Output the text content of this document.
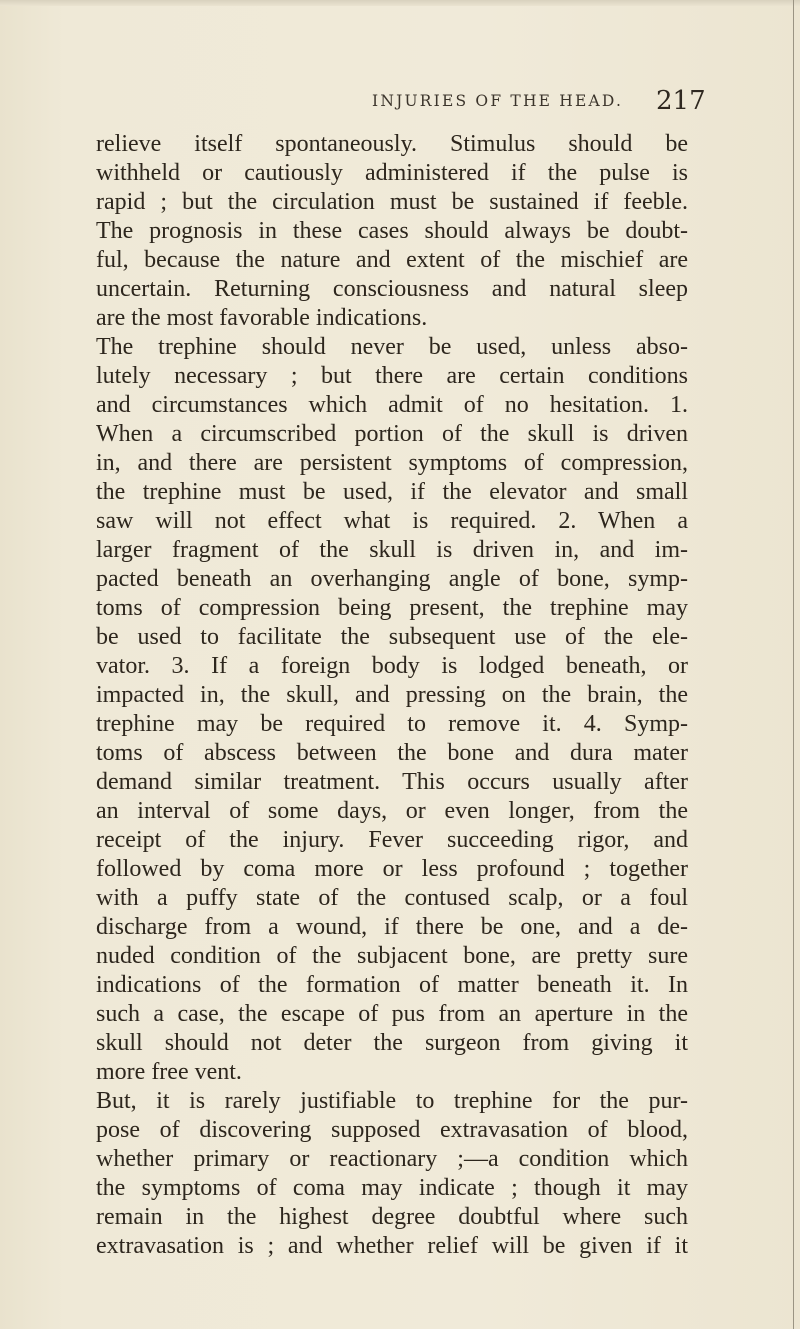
INJURIES OF THE HEAD. 217
relieve itself spontaneously. Stimulus should be
withheld or cautiously administered if the pulse is
rapid ; but the circulation must be sustained if feeble.
The prognosis in these cases should always be doubt-
ful, because the nature and extent of the mischief are
uncertain. Returning consciousness and natural sleep
are the most favorable indications.
The trephine should never be used, unless abso-
lutely necessary ; but there are certain conditions
and circumstances which admit of no hesitation. 1.
When a circumscribed portion of the skull is driven
in, and there are persistent symptoms of compression,
the trephine must be used, if the elevator and small
saw will not effect what is required. 2. When a
larger fragment of the skull is driven in, and im-
pacted beneath an overhanging angle of bone, symp-
toms of compression being present, the trephine may
be used to facilitate the subsequent use of the ele-
vator. 3. If a foreign body is lodged beneath, or
impacted in, the skull, and pressing on the brain, the
trephine may be required to remove it. 4. Symp-
toms of abscess between the bone and dura mater
demand similar treatment. This occurs usually after
an interval of some days, or even longer, from the
receipt of the injury. Fever succeeding rigor, and
followed by coma more or less profound ; together
with a puffy state of the contused scalp, or a foul
discharge from a wound, if there be one, and a de-
nuded condition of the subjacent bone, are pretty sure
indications of the formation of matter beneath it. In
such a case, the escape of pus from an aperture in the
skull should not deter the surgeon from giving it
more free vent.
But, it is rarely justifiable to trephine for the pur-
pose of discovering supposed extravasation of blood,
whether primary or reactionary ;—a condition which
the symptoms of coma may indicate ; though it may
remain in the highest degree doubtful where such
extravasation is ; and whether relief will be given if it
